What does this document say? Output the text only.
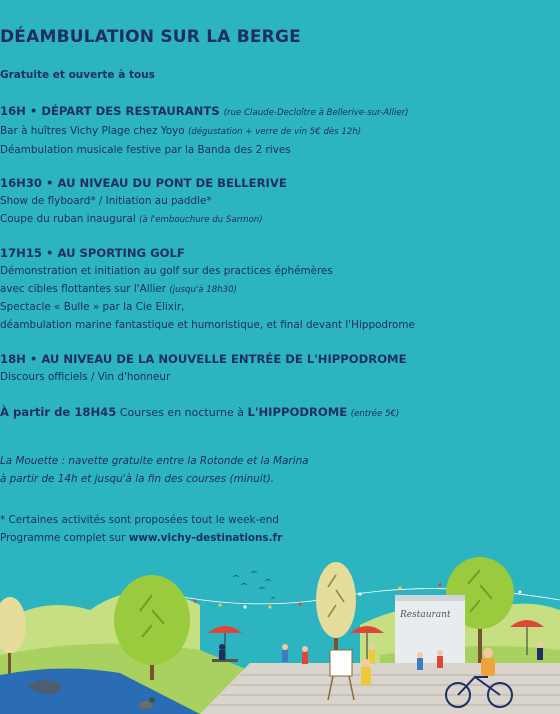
DÉAMBULATION SUR LA BERGE
Gratuite et ouverte à tous
16H • DÉPART DES RESTAURANTS (rue Claude-Decloître à Bellerive-sur-Allier)
Bar à huîtres Vichy Plage chez Yoyo (dégustation + verre de vin 5€ dès 12h)
Déambulation musicale festive par la Banda des 2 rives
16H30 • AU NIVEAU DU PONT DE BELLERIVE
Show de flyboard* / Initiation au paddle*
Coupe du ruban inaugural (à l'embouchure du Sarmon)
17H15 • AU SPORTING GOLF
Démonstration et initiation au golf sur des practices éphémères
avec cibles flottantes sur l'Allier (jusqu'à 18h30)
Spectacle « Bulle » par la Cie Elixir,
déambulation marine fantastique et humoristique, et final devant l'Hippodrome
18H • AU NIVEAU DE LA NOUVELLE ENTRÉE DE L'HIPPODROME
Discours officiels / Vin d'honneur
À partir de 18H45 Courses en nocturne à L'HIPPODROME (entrée 5€)
La Mouette : navette gratuite entre la Rotonde et la Marina
à partir de 14h et jusqu'à la fin des courses (minuit).
* Certaines activités sont proposées tout le week-end
Programme complet sur www.vichy-destinations.fr
Restaurant
